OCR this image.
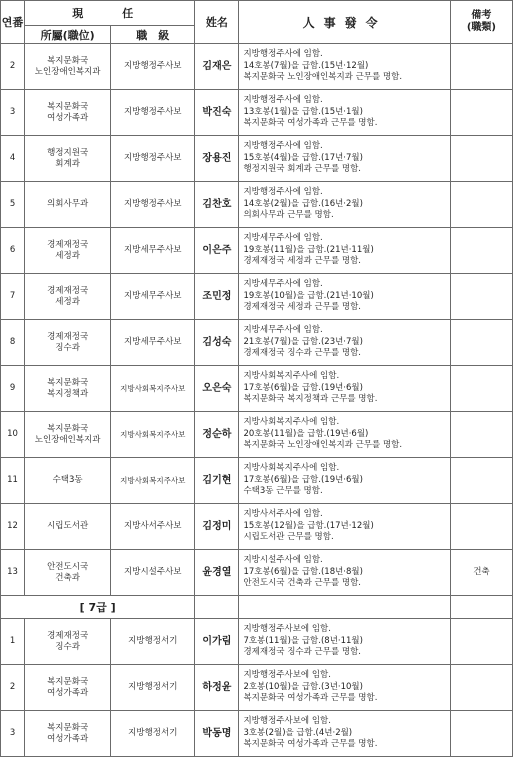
연番	現　任		姓名	人事發令	備考
(職類)
	所屬(職位)	職　級			
2	복지문화국
노인장애인복지과	지방행정주사보	김재은	지방행정주사에 임함.
14호봉(7월)을 급함.(15년·12월)
복지문화국 노인장애인복지과 근무를 명함.	
3	복지문화국
여성가족과	지방행정주사보	박진숙	지방행정주사에 임함.
13호봉(1월)을 급함.(15년·1월)
복지문화국 여성가족과 근무를 명함.	
4	행정지원국
회계과	지방행정주사보	장용진	지방행정주사에 임함.
15호봉(4월)을 급함.(17년·7월)
행정지원국 회계과 근무를 명함.	
5	의회사무과	지방행정주사보	김찬호	지방행정주사에 임함.
14호봉(2월)을 급함.(16년·2월)
의회사무과 근무를 명함.	
6	경제재정국
세정과	지방세무주사보	이은주	지방세무주사에 임함.
19호봉(11월)을 급함.(21년·11월)
경제재정국 세정과 근무를 명함.	
7	경제재정국
세정과	지방세무주사보	조민정	지방세무주사에 임함.
19호봉(10월)을 급함.(21년·10월)
경제재정국 세정과 근무를 명함.	
8	경제재정국
징수과	지방세무주사보	김성숙	지방세무주사에 임함.
21호봉(7월)을 급함.(23년·7월)
경제재정국 징수과 근무를 명함.	
9	복지문화국
복지정책과	지방사회복지주사보	오은숙	지방사회복지주사에 임함.
17호봉(6월)을 급함.(19년·6월)
복지문화국 복지정책과 근무를 명함.	
10	복지문화국
노인장애인복지과	지방사회복지주사보	정순하	지방사회복지주사에 임함.
20호봉(11월)을 급함.(19년·6월)
복지문화국 노인장애인복지과 근무를 명함.	
11	수택3동	지방사회복지주사보	김기현	지방사회복지주사에 임함.
17호봉(6월)을 급함.(19년·6월)
수택3동 근무를 명함.	
12	시립도서관	지방사서주사보	김정미	지방사서주사에 임함.
15호봉(12월)을 급함.(17년·12월)
시립도서관 근무를 명함.	
13	안전도시국
건축과	지방시설주사보	윤경열	지방시설주사에 임함.
17호봉(6월)을 급함.(18년·8월)
안전도시국 건축과 근무를 명함.	건축
[ 7급 ]					
1	경제재정국
징수과	지방행정서기	이가림	지방행정주사보에 임함.
7호봉(11월)을 급함.(8년·11월)
경제재정국 징수과 근무를 명함.	
2	복지문화국
여성가족과	지방행정서기	하정윤	지방행정주사보에 임함.
2호봉(10월)을 급함.(3년·10월)
복지문화국 여성가족과 근무를 명함.	
3	복지문화국
여성가족과	지방행정서기	박동명	지방행정주사보에 임함.
3호봉(2월)을 급함.(4년·2월)
복지문화국 여성가족과 근무를 명함.	
